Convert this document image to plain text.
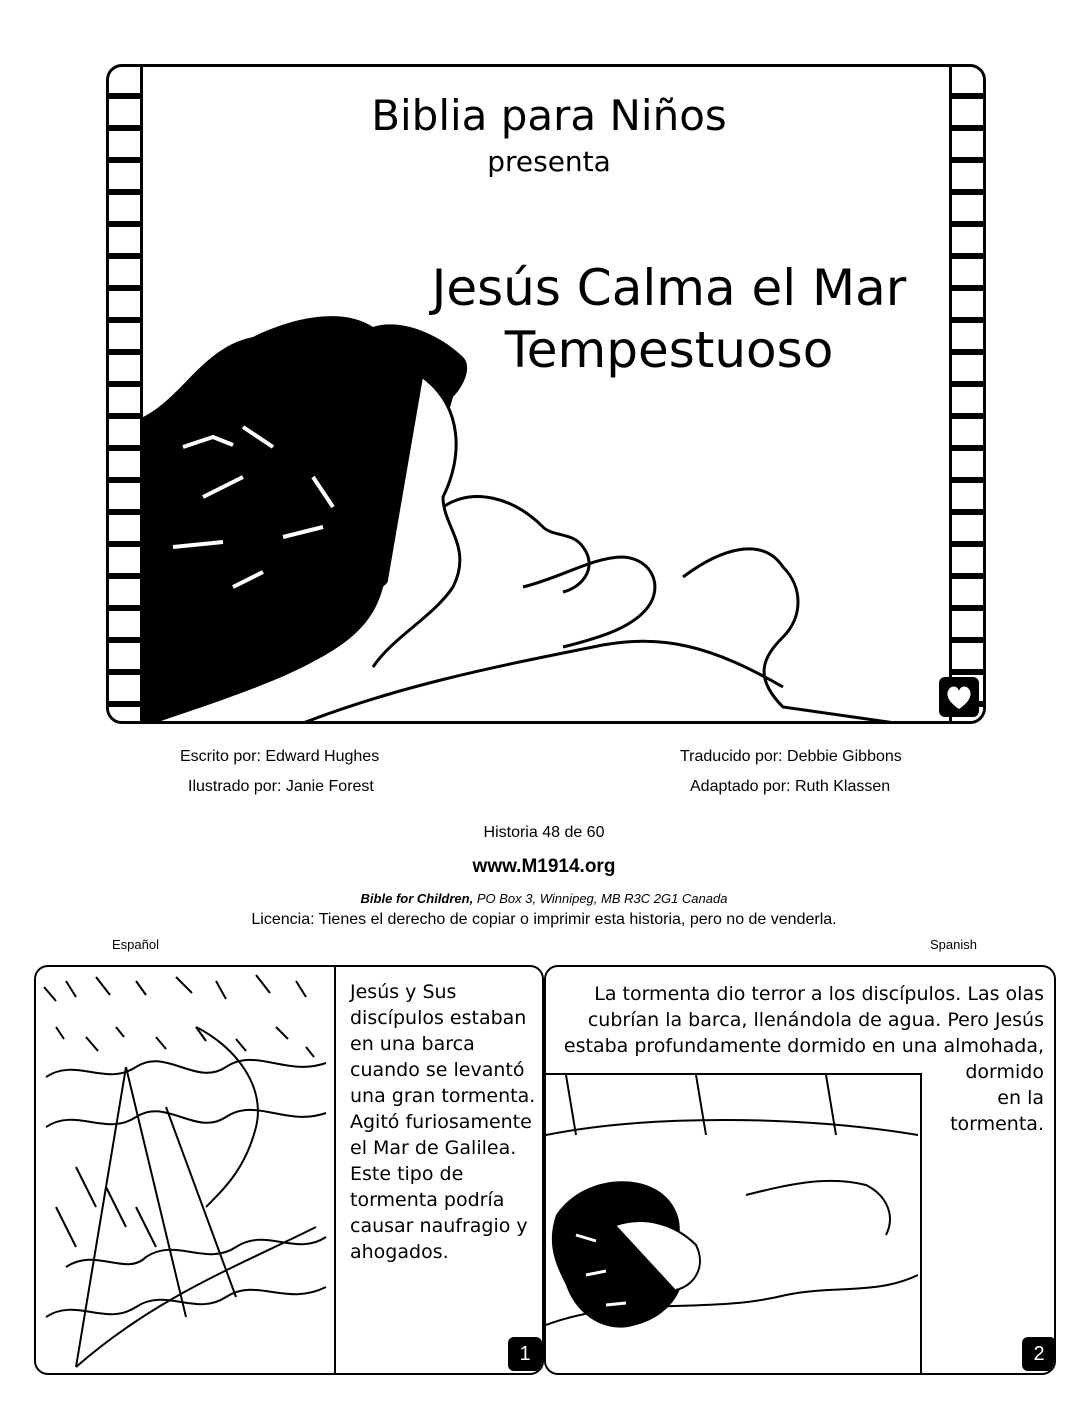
Biblia para Niños
presenta
Jesús Calma el Mar
Tempestuoso
Escrito por: Edward Hughes
Ilustrado por: Janie Forest
Traducido por: Debbie Gibbons
Adaptado por: Ruth Klassen
Historia 48 de 60
www.M1914.org
Bible for Children, PO Box 3, Winnipeg, MB R3C 2G1 Canada
Licencia: Tienes el derecho de copiar o imprimir esta historia, pero no de venderla.
Español	Spanish
Jesús y Sus
discípulos estaban
en una barca
cuando se levantó
una gran tormenta.
Agitó furiosamente
el Mar de Galilea.
Este tipo de
tormenta podría
causar naufragio y
ahogados.
1
La tormenta dio terror a los discípulos. Las olas
cubrían la barca, llenándola de agua. Pero Jesús
estaba profundamente dormido en una almohada,
dormido
en la
tormenta.
2
